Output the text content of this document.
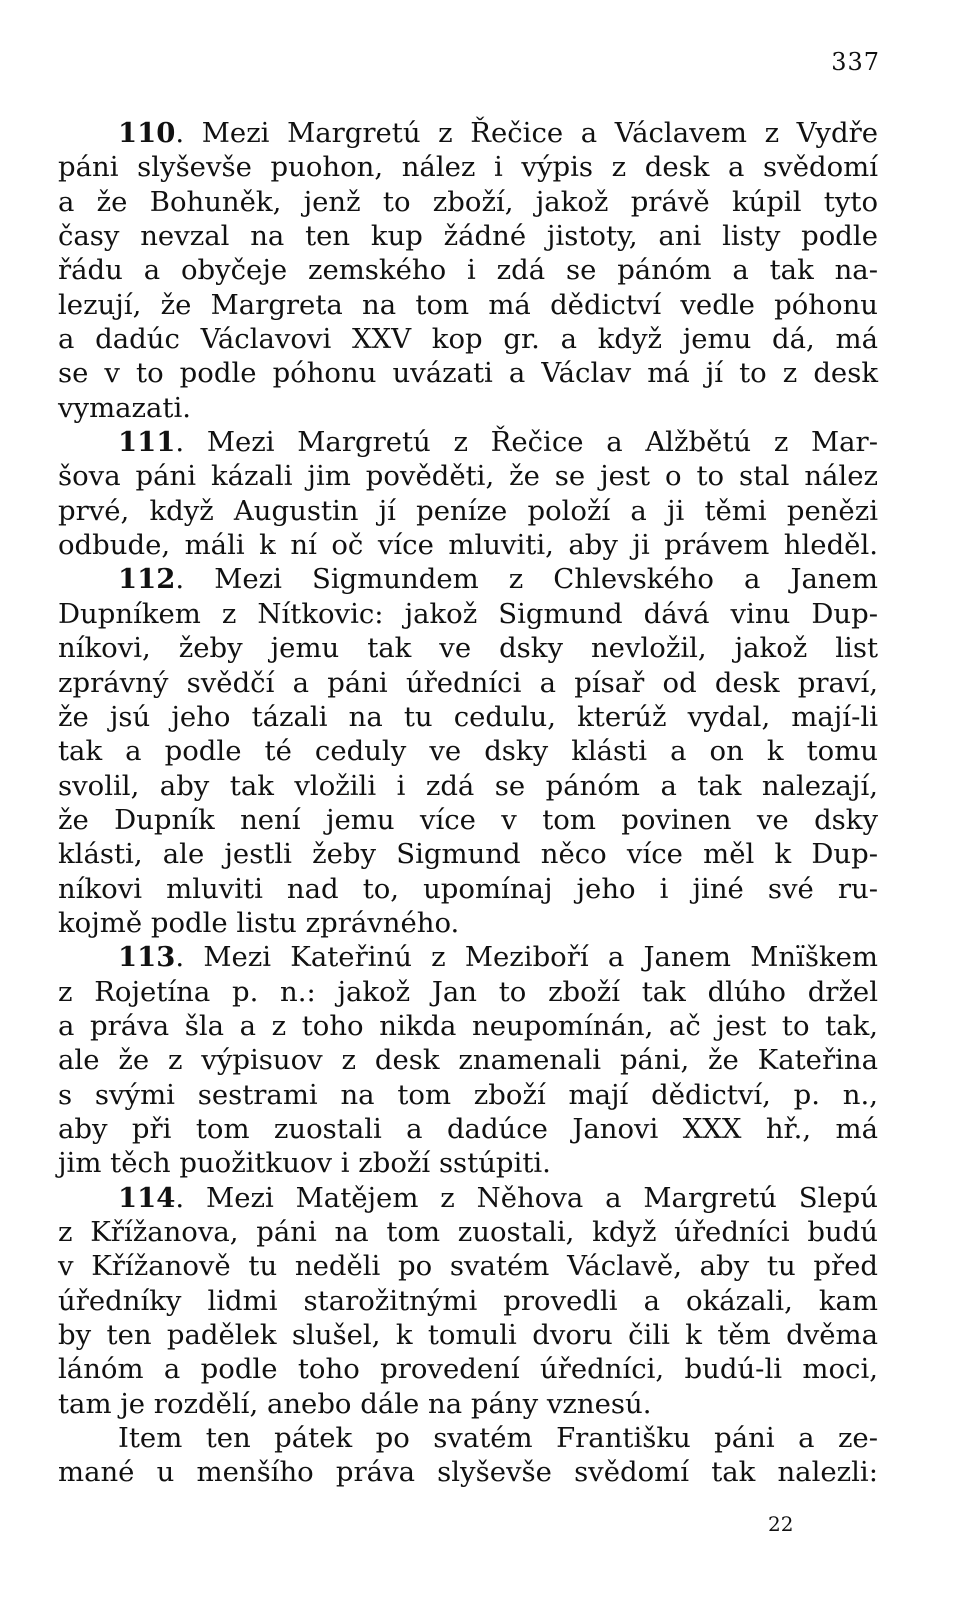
337
110. Mezi Margretú z Řečice a Václavem z Vydře
páni slyševše puohon, nález i výpis z desk a svědomí
a že Bohuněk, jenž to zboží, jakož právě kúpil tyto
časy nevzal na ten kup žádné jistoty, ani listy podle
řádu a obyčeje zemského i zdá se pánóm a tak na-
lezují, že Margreta na tom má dědictví vedle póhonu
a dadúc Václavovi XXV kop gr. a když jemu dá, má
se v to podle póhonu uvázati a Václav má jí to z desk
vymazati.
111. Mezi Margretú z Řečice a Alžbětú z Mar-
šova páni kázali jim pověděti, že se jest o to stal nález
prvé, když Augustin jí peníze položí a ji těmi penězi
odbude, máli k ní oč více mluviti, aby ji právem hleděl.
112. Mezi Sigmundem z Chlevského a Janem
Dupníkem z Nítkovic: jakož Sigmund dává vinu Dup-
níkovi, žeby jemu tak ve dsky nevložil, jakož list
zprávný svědčí a páni úředníci a písař od desk praví,
že jsú jeho tázali na tu cedulu, kterúž vydal, mají-li
tak a podle té ceduly ve dsky klásti a on k tomu
svolil, aby tak vložili i zdá se pánóm a tak nalezají,
že Dupník není jemu více v tom povinen ve dsky
klásti, ale jestli žeby Sigmund něco více měl k Dup-
níkovi mluviti nad to, upomínaj jeho i jiné své ru-
kojmě podle listu zprávného.
113. Mezi Kateřinú z Meziboří a Janem Mnïškem
z Rojetína p. n.: jakož Jan to zboží tak dlúho držel
a práva šla a z toho nikda neupomínán, ač jest to tak,
ale že z výpisuov z desk znamenali páni, že Kateřina
s svými sestrami na tom zboží mají dědictví, p. n.,
aby při tom zuostali a dadúce Janovi XXX hř., má
jim těch puožitkuov i zboží sstúpiti.
114. Mezi Matějem z Něhova a Margretú Slepú
z Křížanova, páni na tom zuostali, když úředníci budú
v Křížanově tu neděli po svatém Václavě, aby tu před
úředníky lidmi starožitnými provedli a okázali, kam
by ten padělek slušel, k tomuli dvoru čili k těm dvěma
lánóm a podle toho provedení úředníci, budú-li moci,
tam je rozdělí, anebo dále na pány vznesú.
Item ten pátek po svatém Františku páni a ze-
mané u menšího práva slyševše svědomí tak nalezli:
22
